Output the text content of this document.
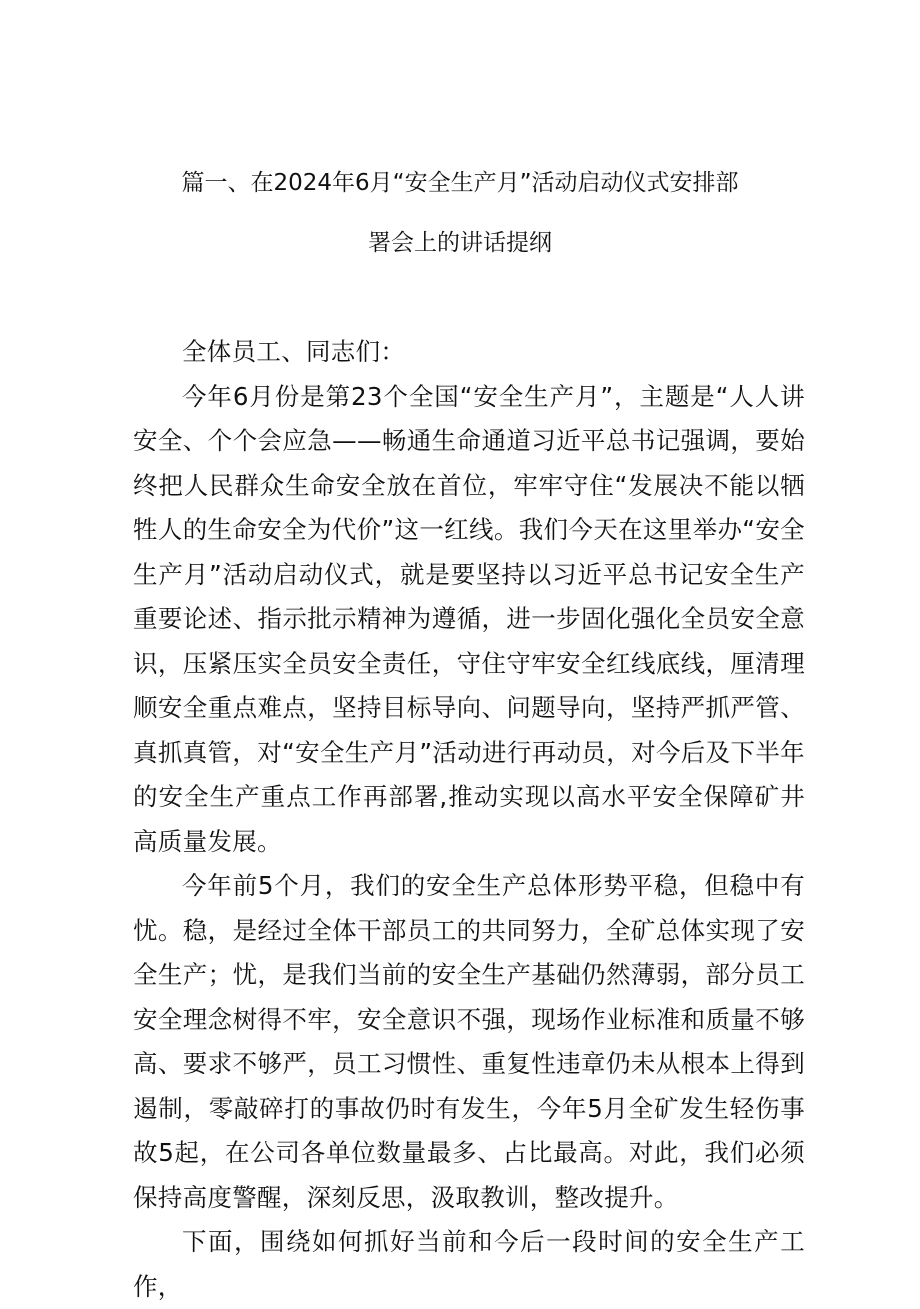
篇一、在2024年6月“安全生产月”活动启动仪式安排部
署会上的讲话提纲

全体员工、同志们：

今年6月份是第23个全国“安全生产月”，主题是“人人讲安全、个个会应急——畅通生命通道习近平总书记强调，要始终把人民群众生命安全放在首位，牢牢守住“发展决不能以牺牲人的生命安全为代价”这一红线。我们今天在这里举办“安全生产月”活动启动仪式，就是要坚持以习近平总书记安全生产重要论述、指示批示精神为遵循，进一步固化强化全员安全意识，压紧压实全员安全责任，守住守牢安全红线底线，厘清理顺安全重点难点，坚持目标导向、问题导向，坚持严抓严管、真抓真管，对“安全生产月”活动进行再动员，对今后及下半年的安全生产重点工作再部署,推动实现以高水平安全保障矿井高质量发展。

今年前5个月，我们的安全生产总体形势平稳，但稳中有忧。稳，是经过全体干部员工的共同努力，全矿总体实现了安全生产；忧，是我们当前的安全生产基础仍然薄弱，部分员工安全理念树得不牢，安全意识不强，现场作业标准和质量不够高、要求不够严，员工习惯性、重复性违章仍未从根本上得到遏制，零敲碎打的事故仍时有发生，今年5月全矿发生轻伤事故5起，在公司各单位数量最多、占比最高。对此，我们必须保持高度警醒，深刻反思，汲取教训，整改提升。

下面，围绕如何抓好当前和今后一段时间的安全生产工作，
